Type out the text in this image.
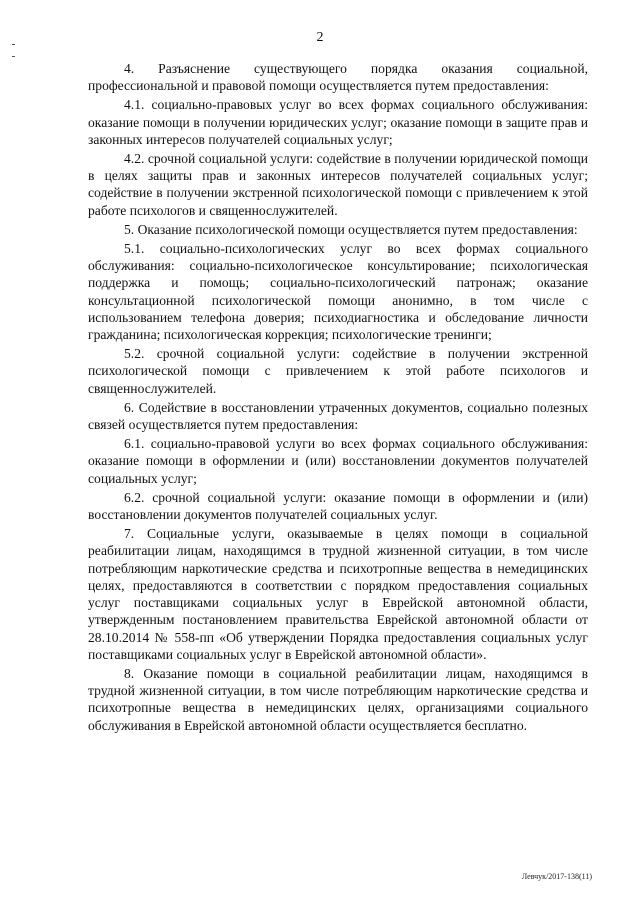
2

4. Разъяснение существующего порядка оказания социальной, профессиональной и правовой помощи осуществляется путем предоставления:

4.1. социально-правовых услуг во всех формах социального обслуживания: оказание помощи в получении юридических услуг; оказание помощи в защите прав и законных интересов получателей социальных услуг;

4.2. срочной социальной услуги: содействие в получении юридической помощи в целях защиты прав и законных интересов получателей социальных услуг; содействие в получении экстренной психологической помощи с привлечением к этой работе психологов и священнослужителей.

5. Оказание психологической помощи осуществляется путем предоставления:

5.1. социально-психологических услуг во всех формах социального обслуживания: социально-психологическое консультирование; психологическая поддержка и помощь; социально-психологический патронаж; оказание консультационной психологической помощи анонимно, в том числе с использованием телефона доверия; психодиагностика и обследование личности гражданина; психологическая коррекция; психологические тренинги;

5.2. срочной социальной услуги: содействие в получении экстренной психологической помощи с привлечением к этой работе психологов и священнослужителей.

6. Содействие в восстановлении утраченных документов, социально полезных связей осуществляется путем предоставления:

6.1. социально-правовой услуги во всех формах социального обслуживания: оказание помощи в оформлении и (или) восстановлении документов получателей социальных услуг;

6.2. срочной социальной услуги: оказание помощи в оформлении и (или) восстановлении документов получателей социальных услуг.

7. Социальные услуги, оказываемые в целях помощи в социальной реабилитации лицам, находящимся в трудной жизненной ситуации, в том числе потребляющим наркотические средства и психотропные вещества в немедицинских целях, предоставляются в соответствии с порядком предоставления социальных услуг поставщиками социальных услуг в Еврейской автономной области, утвержденным постановлением правительства Еврейской автономной области от 28.10.2014 № 558-пп «Об утверждении Порядка предоставления социальных услуг поставщиками социальных услуг в Еврейской автономной области».

8. Оказание помощи в социальной реабилитации лицам, находящимся в трудной жизненной ситуации, в том числе потребляющим наркотические средства и психотропные вещества в немедицинских целях, организациями социального обслуживания в Еврейской автономной области осуществляется бесплатно.

Левчук/2017-138(11)
